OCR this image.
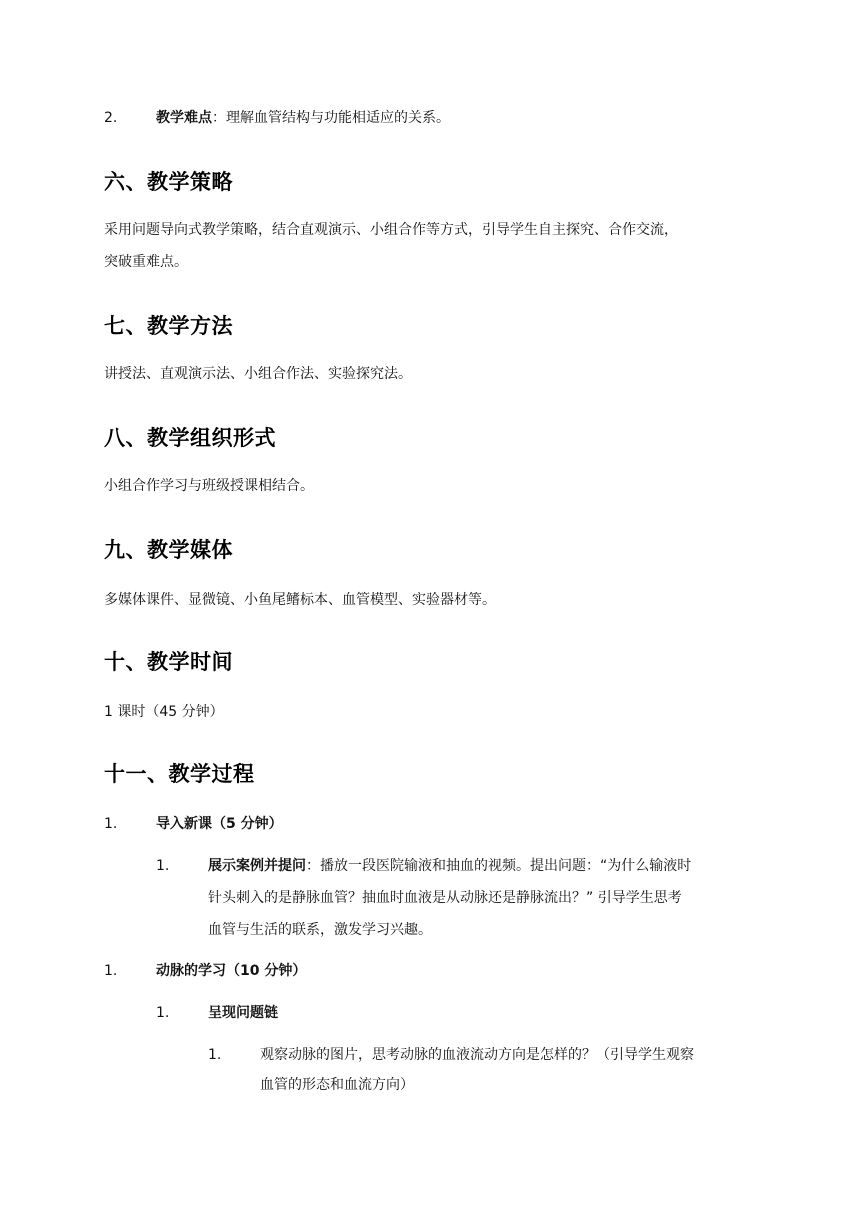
2.	教学难点：理解血管结构与功能相适应的关系。
六、教学策略
采用问题导向式教学策略，结合直观演示、小组合作等方式，引导学生自主探究、合作交流，
突破重难点。
七、教学方法
讲授法、直观演示法、小组合作法、实验探究法。
八、教学组织形式
小组合作学习与班级授课相结合。
九、教学媒体
多媒体课件、显微镜、小鱼尾鳍标本、血管模型、实验器材等。
十、教学时间
1 课时（45 分钟）
十一、教学过程
1.	导入新课（5 分钟）
1.	展示案例并提问：播放一段医院输液和抽血的视频。提出问题：“为什么输液时
针头刺入的是静脉血管？抽血时血液是从动脉还是静脉流出？” 引导学生思考
血管与生活的联系，激发学习兴趣。
1.	动脉的学习（10 分钟）
1.	呈现问题链
1.	观察动脉的图片，思考动脉的血液流动方向是怎样的？（引导学生观察
血管的形态和血流方向）
